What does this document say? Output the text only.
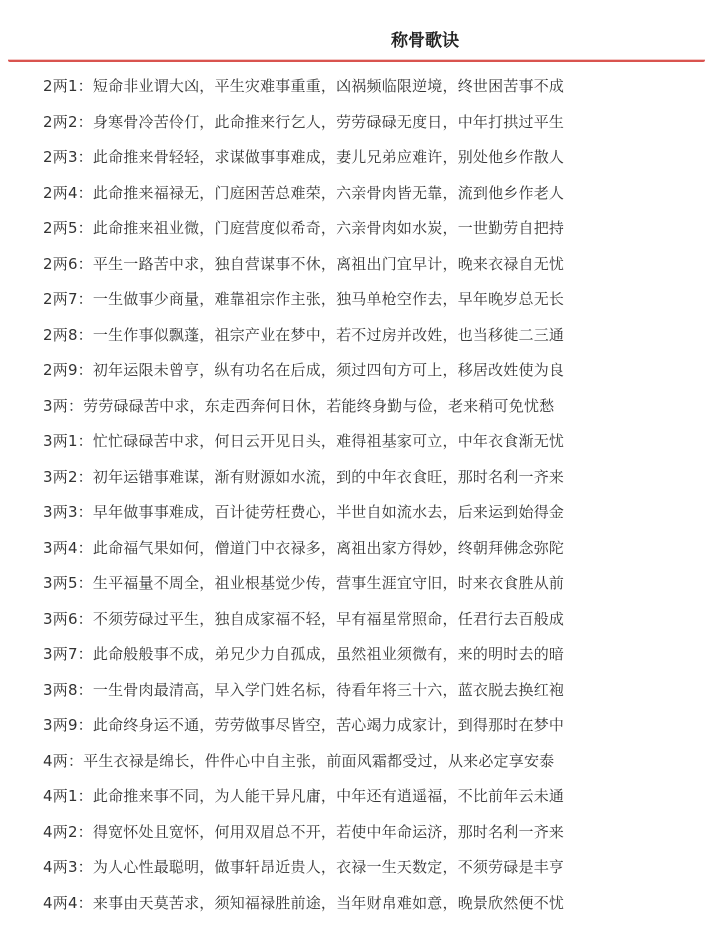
称骨歌诀
2两1：短命非业谓大凶，平生灾难事重重，凶祸频临限逆境，终世困苦事不成
2两2：身寒骨冷苦伶仃，此命推来行乞人，劳劳碌碌无度日，中年打拱过平生
2两3：此命推来骨轻轻，求谋做事事难成，妻儿兄弟应难许，别处他乡作散人
2两4：此命推来福禄无，门庭困苦总难荣，六亲骨肉皆无靠，流到他乡作老人
2两5：此命推来祖业微，门庭营度似希奇，六亲骨肉如水炭，一世勤劳自把持
2两6：平生一路苦中求，独自营谋事不休，离祖出门宜早计，晚来衣禄自无忧
2两7：一生做事少商量，难靠祖宗作主张，独马单枪空作去，早年晚岁总无长
2两8：一生作事似飘蓬，祖宗产业在梦中，若不过房并改姓，也当移徙二三通
2两9：初年运限未曾亨，纵有功名在后成，须过四旬方可上，移居改姓使为良
3两：劳劳碌碌苦中求，东走西奔何日休，若能终身勤与俭，老来稍可免忧愁
3两1：忙忙碌碌苦中求，何日云开见日头，难得祖基家可立，中年衣食渐无忧
3两2：初年运错事难谋，渐有财源如水流，到的中年衣食旺，那时名利一齐来
3两3：早年做事事难成，百计徒劳枉费心，半世自如流水去，后来运到始得金
3两4：此命福气果如何，僧道门中衣禄多，离祖出家方得妙，终朝拜佛念弥陀
3两5：生平福量不周全，祖业根基觉少传，营事生涯宜守旧，时来衣食胜从前
3两6：不须劳碌过平生，独自成家福不轻，早有福星常照命，任君行去百般成
3两7：此命般般事不成，弟兄少力自孤成，虽然祖业须微有，来的明时去的暗
3两8：一生骨肉最清高，早入学门姓名标，待看年将三十六，蓝衣脱去换红袍
3两9：此命终身运不通，劳劳做事尽皆空，苦心竭力成家计，到得那时在梦中
4两：平生衣禄是绵长，件件心中自主张，前面风霜都受过，从来必定享安泰
4两1：此命推来事不同，为人能干异凡庸，中年还有逍遥福，不比前年云未通
4两2：得宽怀处且宽怀，何用双眉总不开，若使中年命运济，那时名利一齐来
4两3：为人心性最聪明，做事轩昂近贵人，衣禄一生天数定，不须劳碌是丰亨
4两4：来事由天莫苦求，须知福禄胜前途，当年财帛难如意，晚景欣然便不忧
